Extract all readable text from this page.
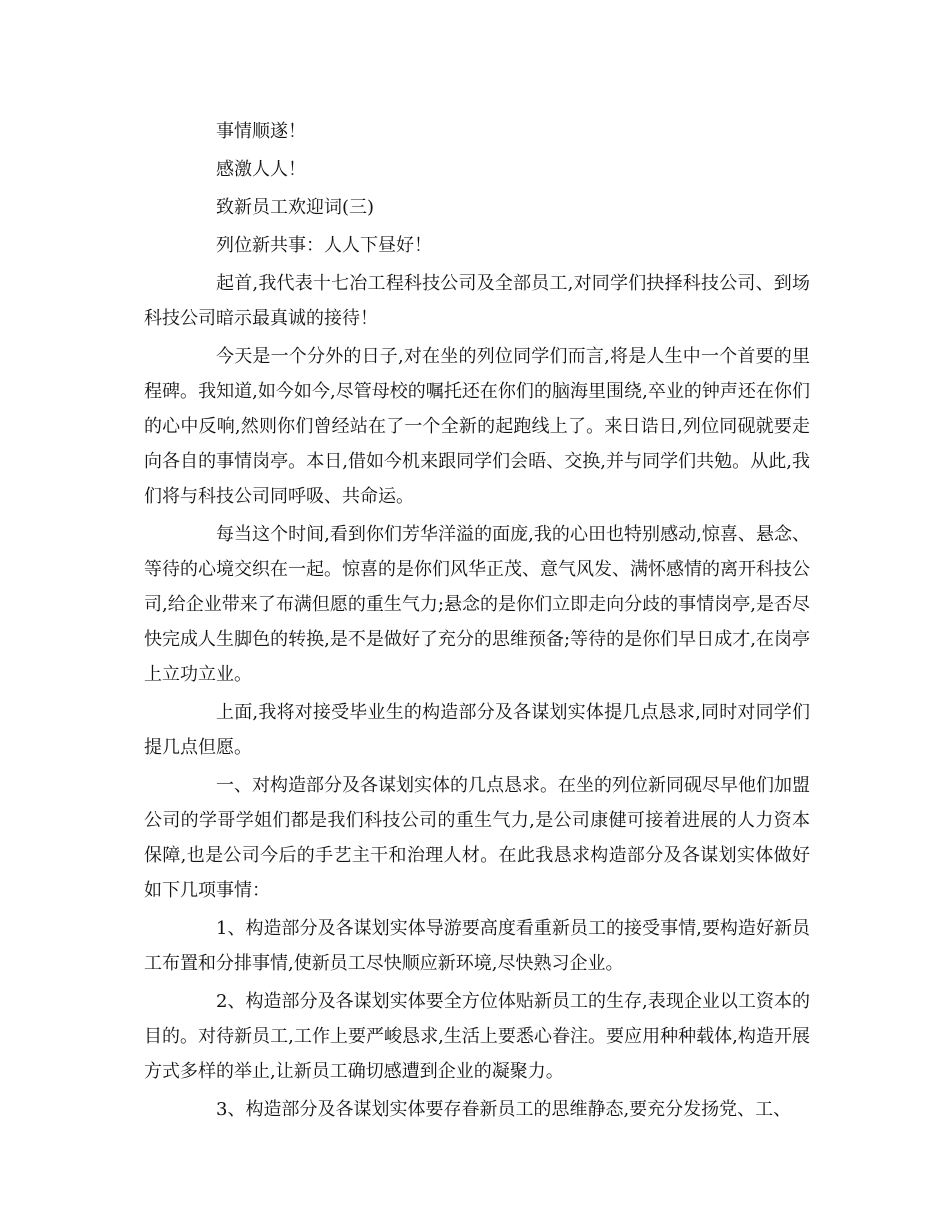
事情顺遂！

感激人人！

致新员工欢迎词(三)

列位新共事：人人下昼好！

起首,我代表十七冶工程科技公司及全部员工,对同学们抉择科技公司、到场科技公司暗示最真诚的接待！

今天是一个分外的日子,对在坐的列位同学们而言,将是人生中一个首要的里程碑。我知道,如今如今,尽管母校的嘱托还在你们的脑海里围绕,卒业的钟声还在你们的心中反响,然则你们曾经站在了一个全新的起跑线上了。来日诰日,列位同砚就要走向各自的事情岗亭。本日,借如今机来跟同学们会晤、交换,并与同学们共勉。从此,我们将与科技公司同呼吸、共命运。

每当这个时间,看到你们芳华洋溢的面庞,我的心田也特别感动,惊喜、悬念、等待的心境交织在一起。惊喜的是你们风华正茂、意气风发、满怀感情的离开科技公司,给企业带来了布满但愿的重生气力;悬念的是你们立即走向分歧的事情岗亭,是否尽快完成人生脚色的转换,是不是做好了充分的思维预备;等待的是你们早日成才,在岗亭上立功立业。

上面,我将对接受毕业生的构造部分及各谋划实体提几点恳求,同时对同学们提几点但愿。

一、对构造部分及各谋划实体的几点恳求。在坐的列位新同砚尽早他们加盟公司的学哥学姐们都是我们科技公司的重生气力,是公司康健可接着进展的人力资本保障,也是公司今后的手艺主干和治理人材。在此我恳求构造部分及各谋划实体做好如下几项事情：

1、构造部分及各谋划实体导游要高度看重新员工的接受事情,要构造好新员工布置和分排事情,使新员工尽快顺应新环境,尽快熟习企业。

2、构造部分及各谋划实体要全方位体贴新员工的生存,表现企业以工资本的目的。对待新员工,工作上要严峻恳求,生活上要悉心眷注。要应用种种载体,构造开展方式多样的举止,让新员工确切感遭到企业的凝聚力。

3、构造部分及各谋划实体要存眷新员工的思维静态,要充分发扬党、工、
